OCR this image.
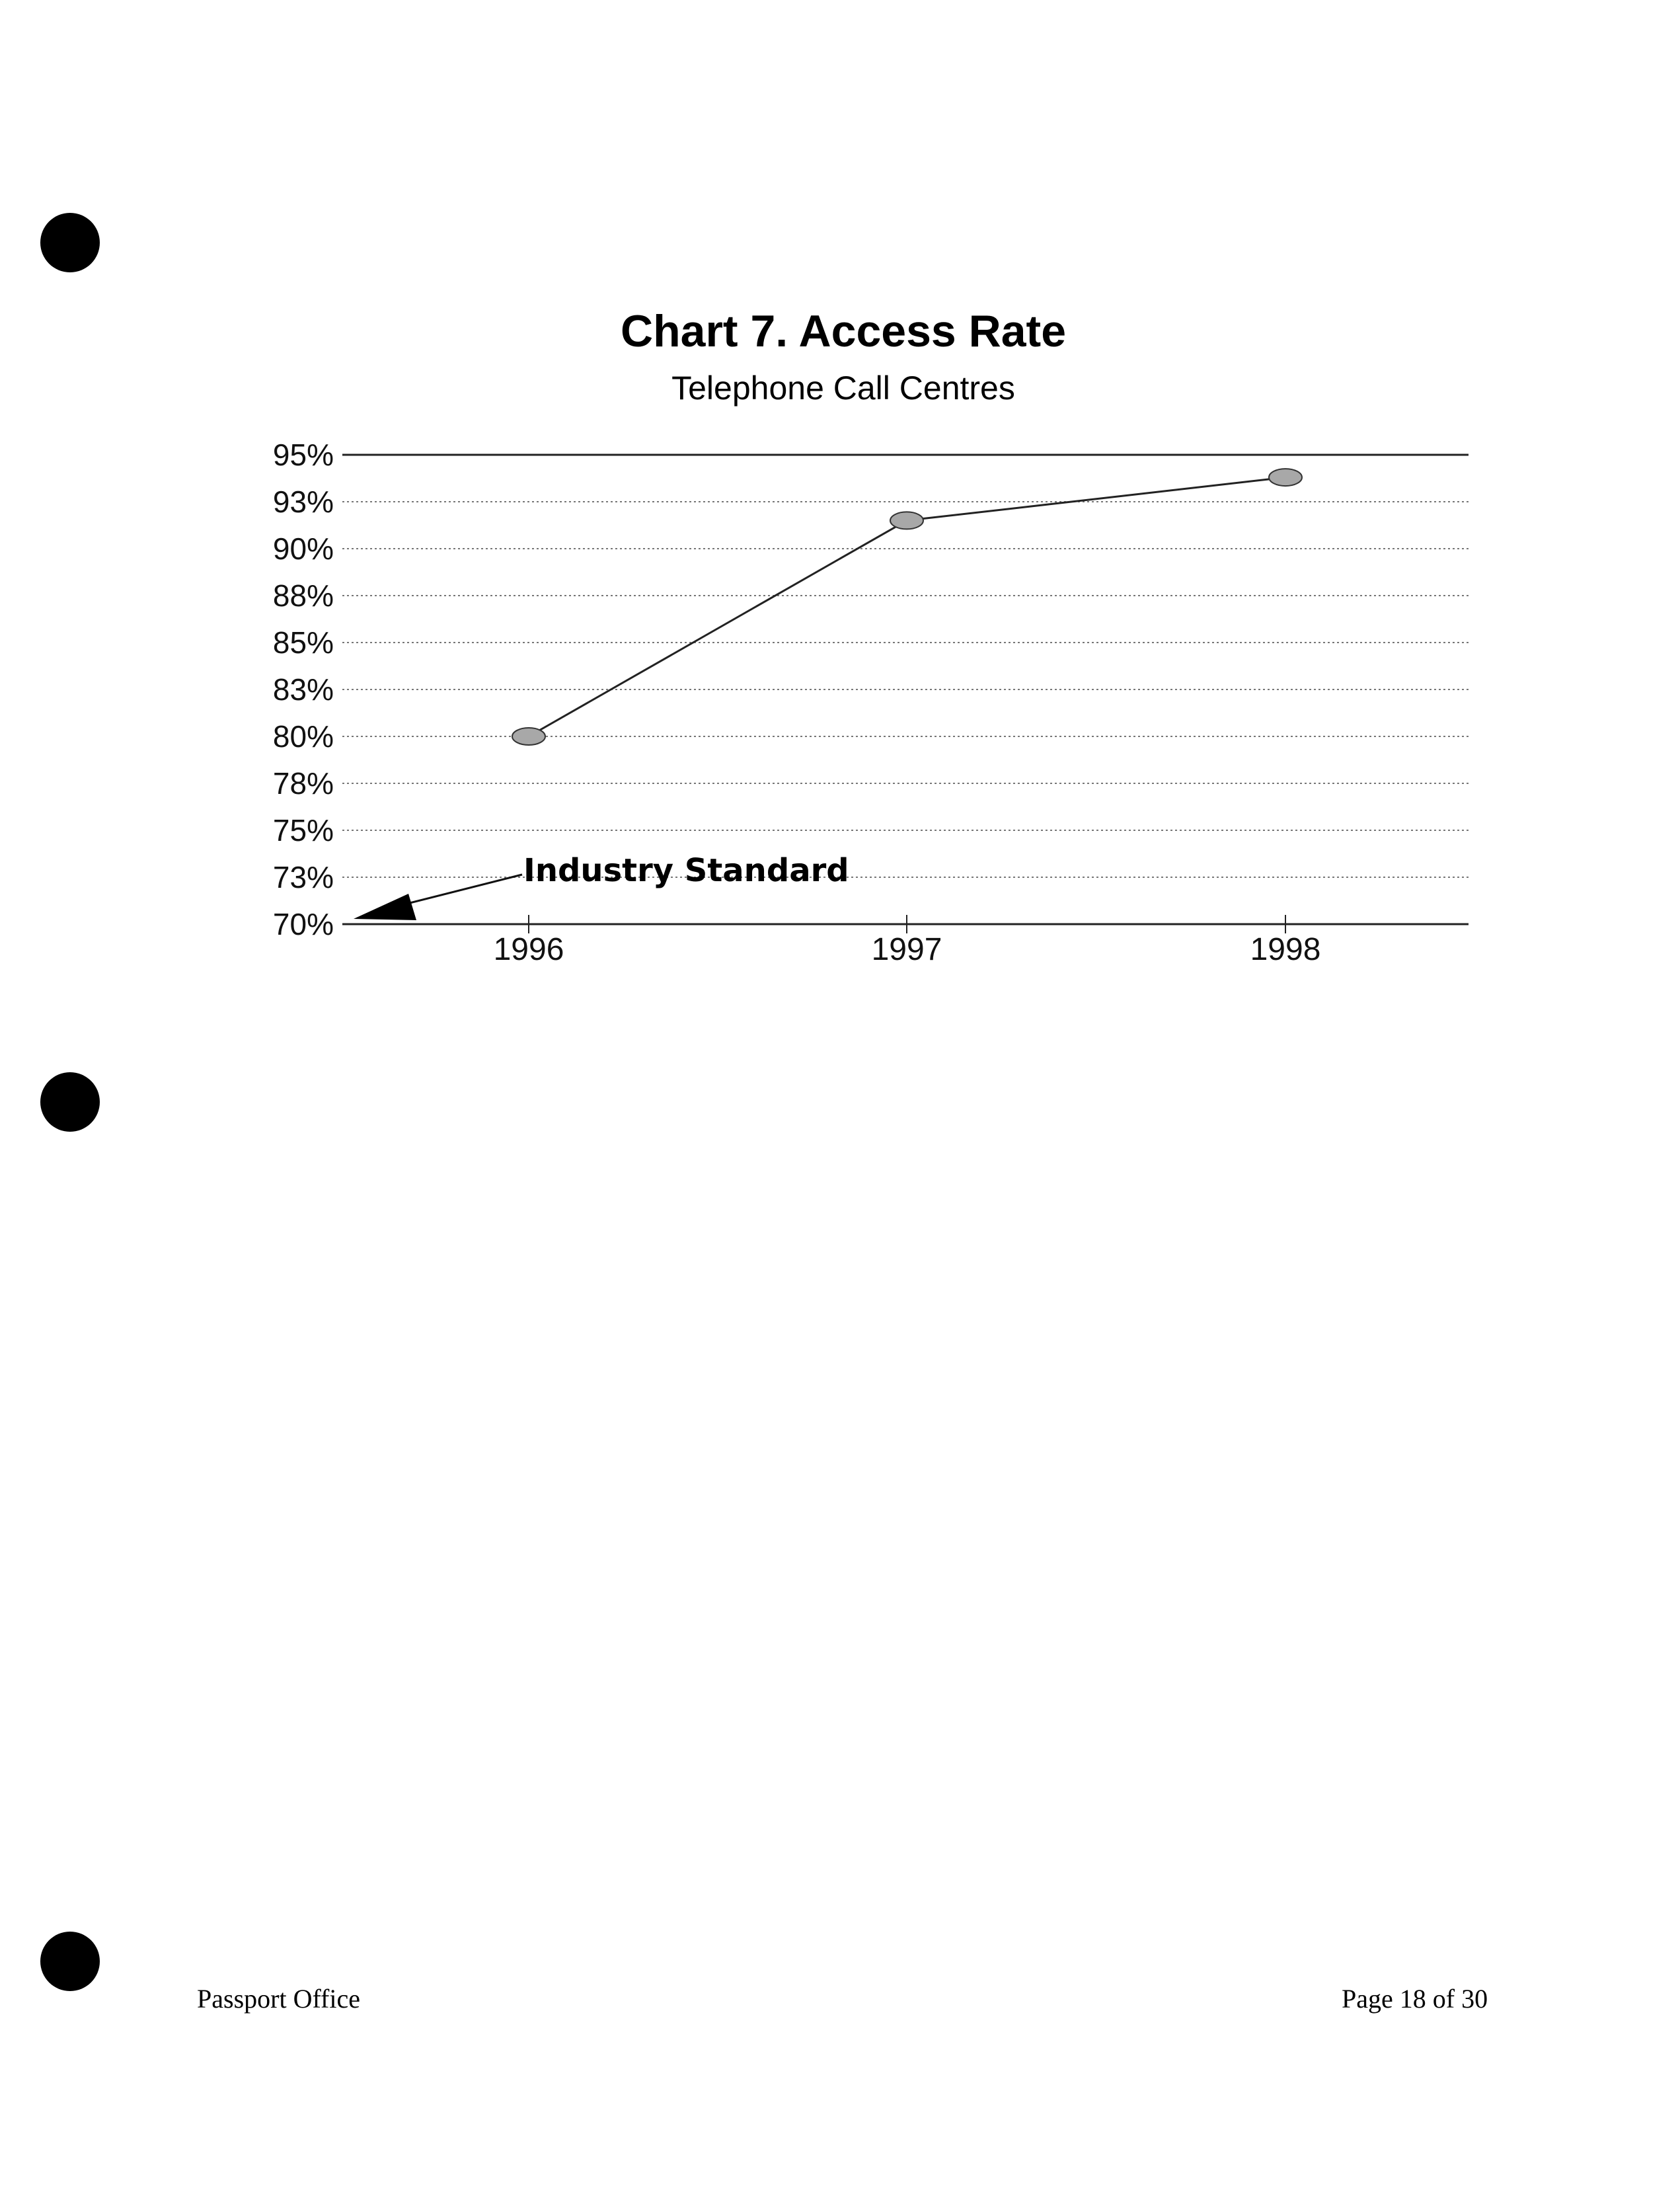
Chart 7. Access Rate
Telephone Call Centres
95%
93%
90%
88%
85%
83%
80%
78%
75%
73%
70%
1996	1997	1998
Industry Standard
Passport Office	Page 18 of 30
